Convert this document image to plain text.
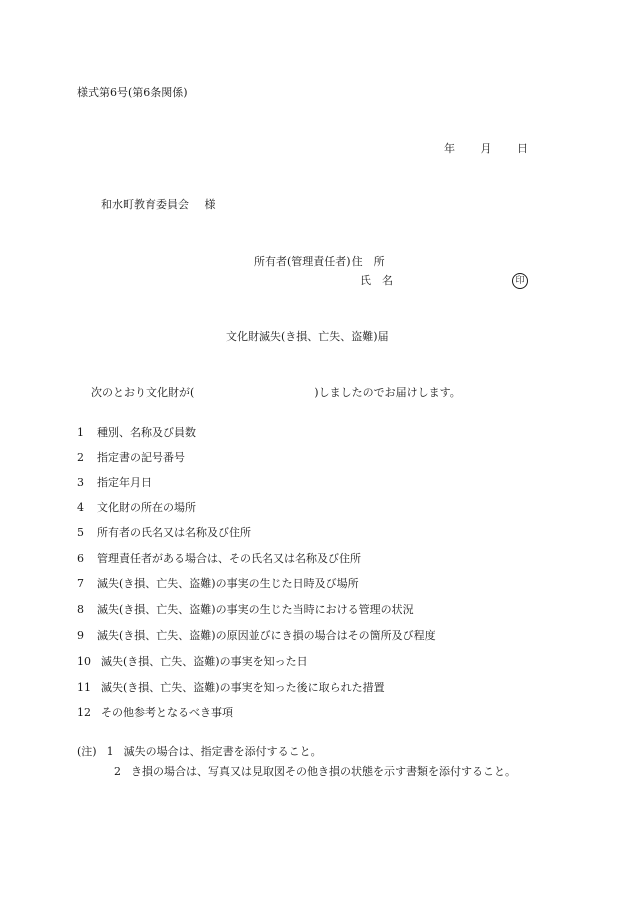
様式第6号(第6条関係)
年 月 日
和水町教育委員会 様
所有者(管理責任者)住　所
氏　名	印
文化財滅失(き損、亡失、盗難)届
次のとおり文化財が(	)しましたのでお届けします。
1 種別、名称及び員数
2 指定書の記号番号
3 指定年月日
4 文化財の所在の場所
5 所有者の氏名又は名称及び住所
6 管理責任者がある場合は、その氏名又は名称及び住所
7 滅失(き損、亡失、盗難)の事実の生じた日時及び場所
8 滅失(き損、亡失、盗難)の事実の生じた当時における管理の状況
9 滅失(き損、亡失、盗難)の原因並びにき損の場合はその箇所及び程度
10 滅失(き損、亡失、盗難)の事実を知った日
11 滅失(き損、亡失、盗難)の事実を知った後に取られた措置
12 その他参考となるべき事項
(注) 1 滅失の場合は、指定書を添付すること。
2 き損の場合は、写真又は見取図その他き損の状態を示す書類を添付すること。
